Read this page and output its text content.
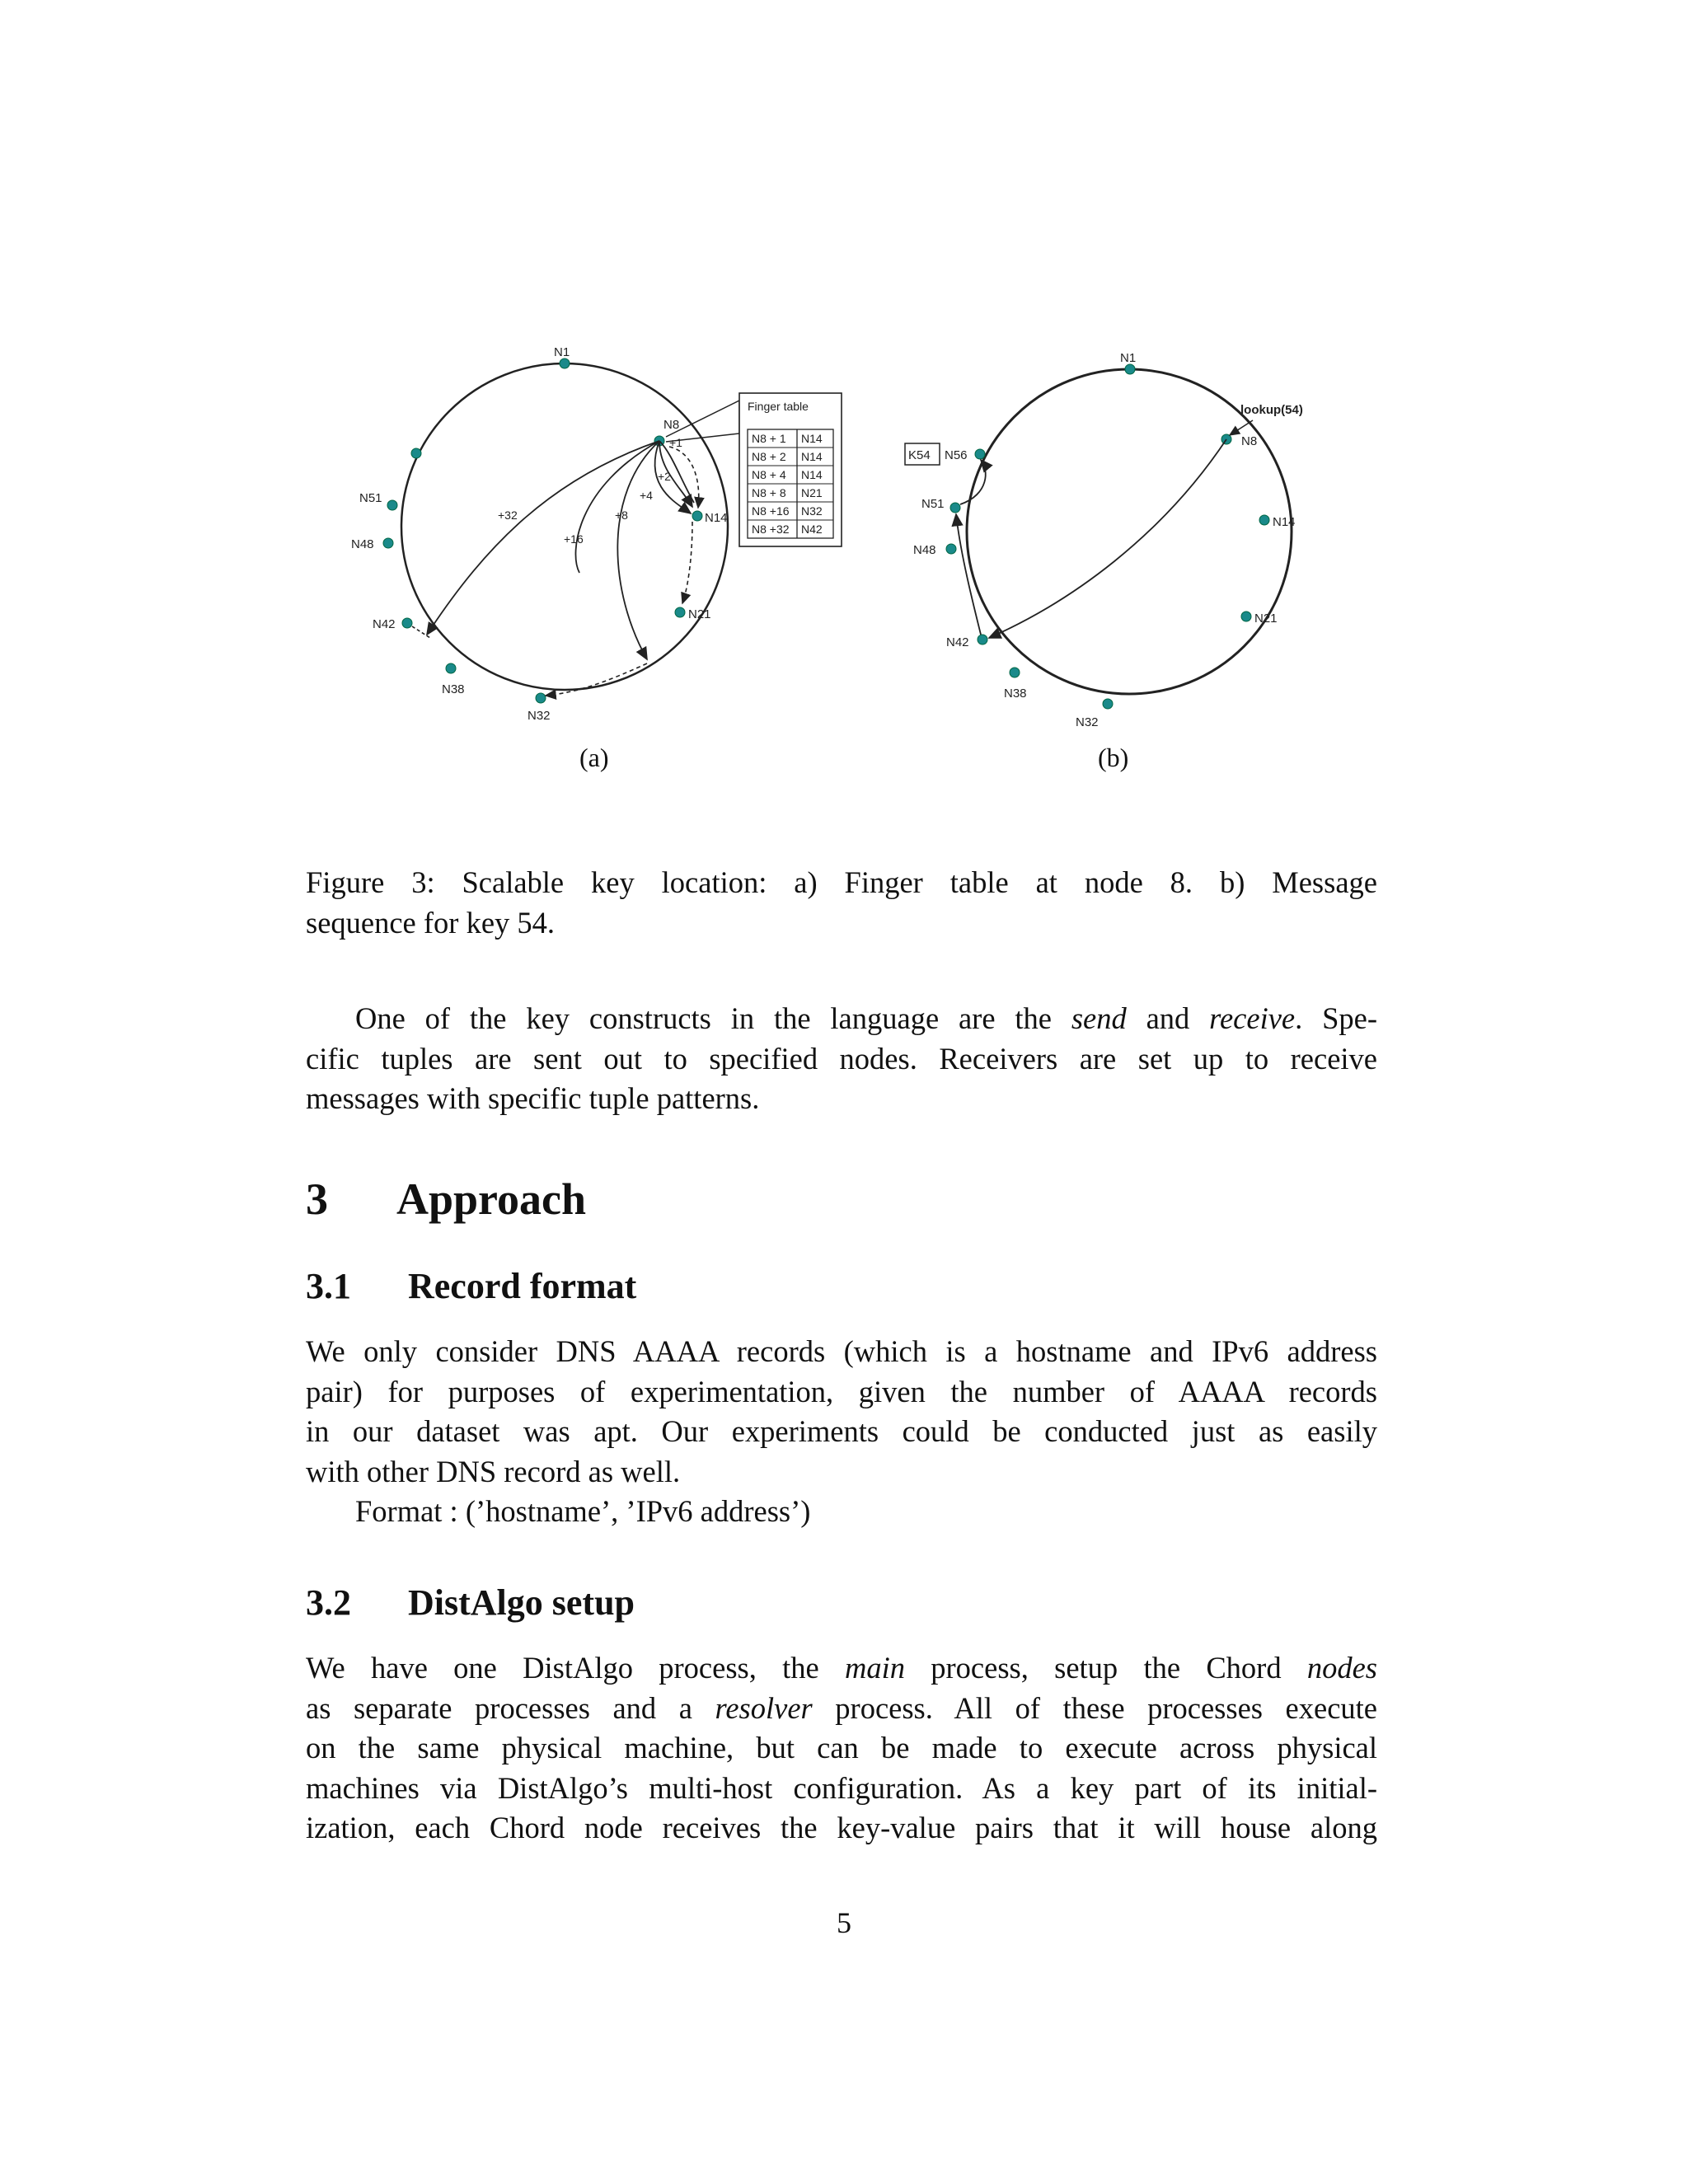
N1
N8
N14
N21
N32
N38
N42
N48
N51
+1
+2
+4
+8
+16
+32
Finger table
N8 + 1 N14
N8 + 2 N14
N8 + 4 N14
N8 + 8 N21
N8 +16 N32
N8 +32 N42
(a)
N1
N8
N14
N21
N32
N38
N42
N48
N51
N56
lookup(54)
K54
(b)
Figure 3: Scalable key location: a) Finger table at node 8. b) Message
sequence for key 54.
One of the key constructs in the language are the send and receive. Spe-
cific tuples are sent out to specified nodes. Receivers are set up to receive
messages with specific tuple patterns.
3 Approach
3.1 Record format
We only consider DNS AAAA records (which is a hostname and IPv6 address
pair) for purposes of experimentation, given the number of AAAA records
in our dataset was apt. Our experiments could be conducted just as easily
with other DNS record as well.
Format : (’hostname’, ’IPv6 address’)
3.2 DistAlgo setup
We have one DistAlgo process, the main process, setup the Chord nodes
as separate processes and a resolver process. All of these processes execute
on the same physical machine, but can be made to execute across physical
machines via DistAlgo’s multi-host configuration. As a key part of its initial-
ization, each Chord node receives the key-value pairs that it will house along
5
